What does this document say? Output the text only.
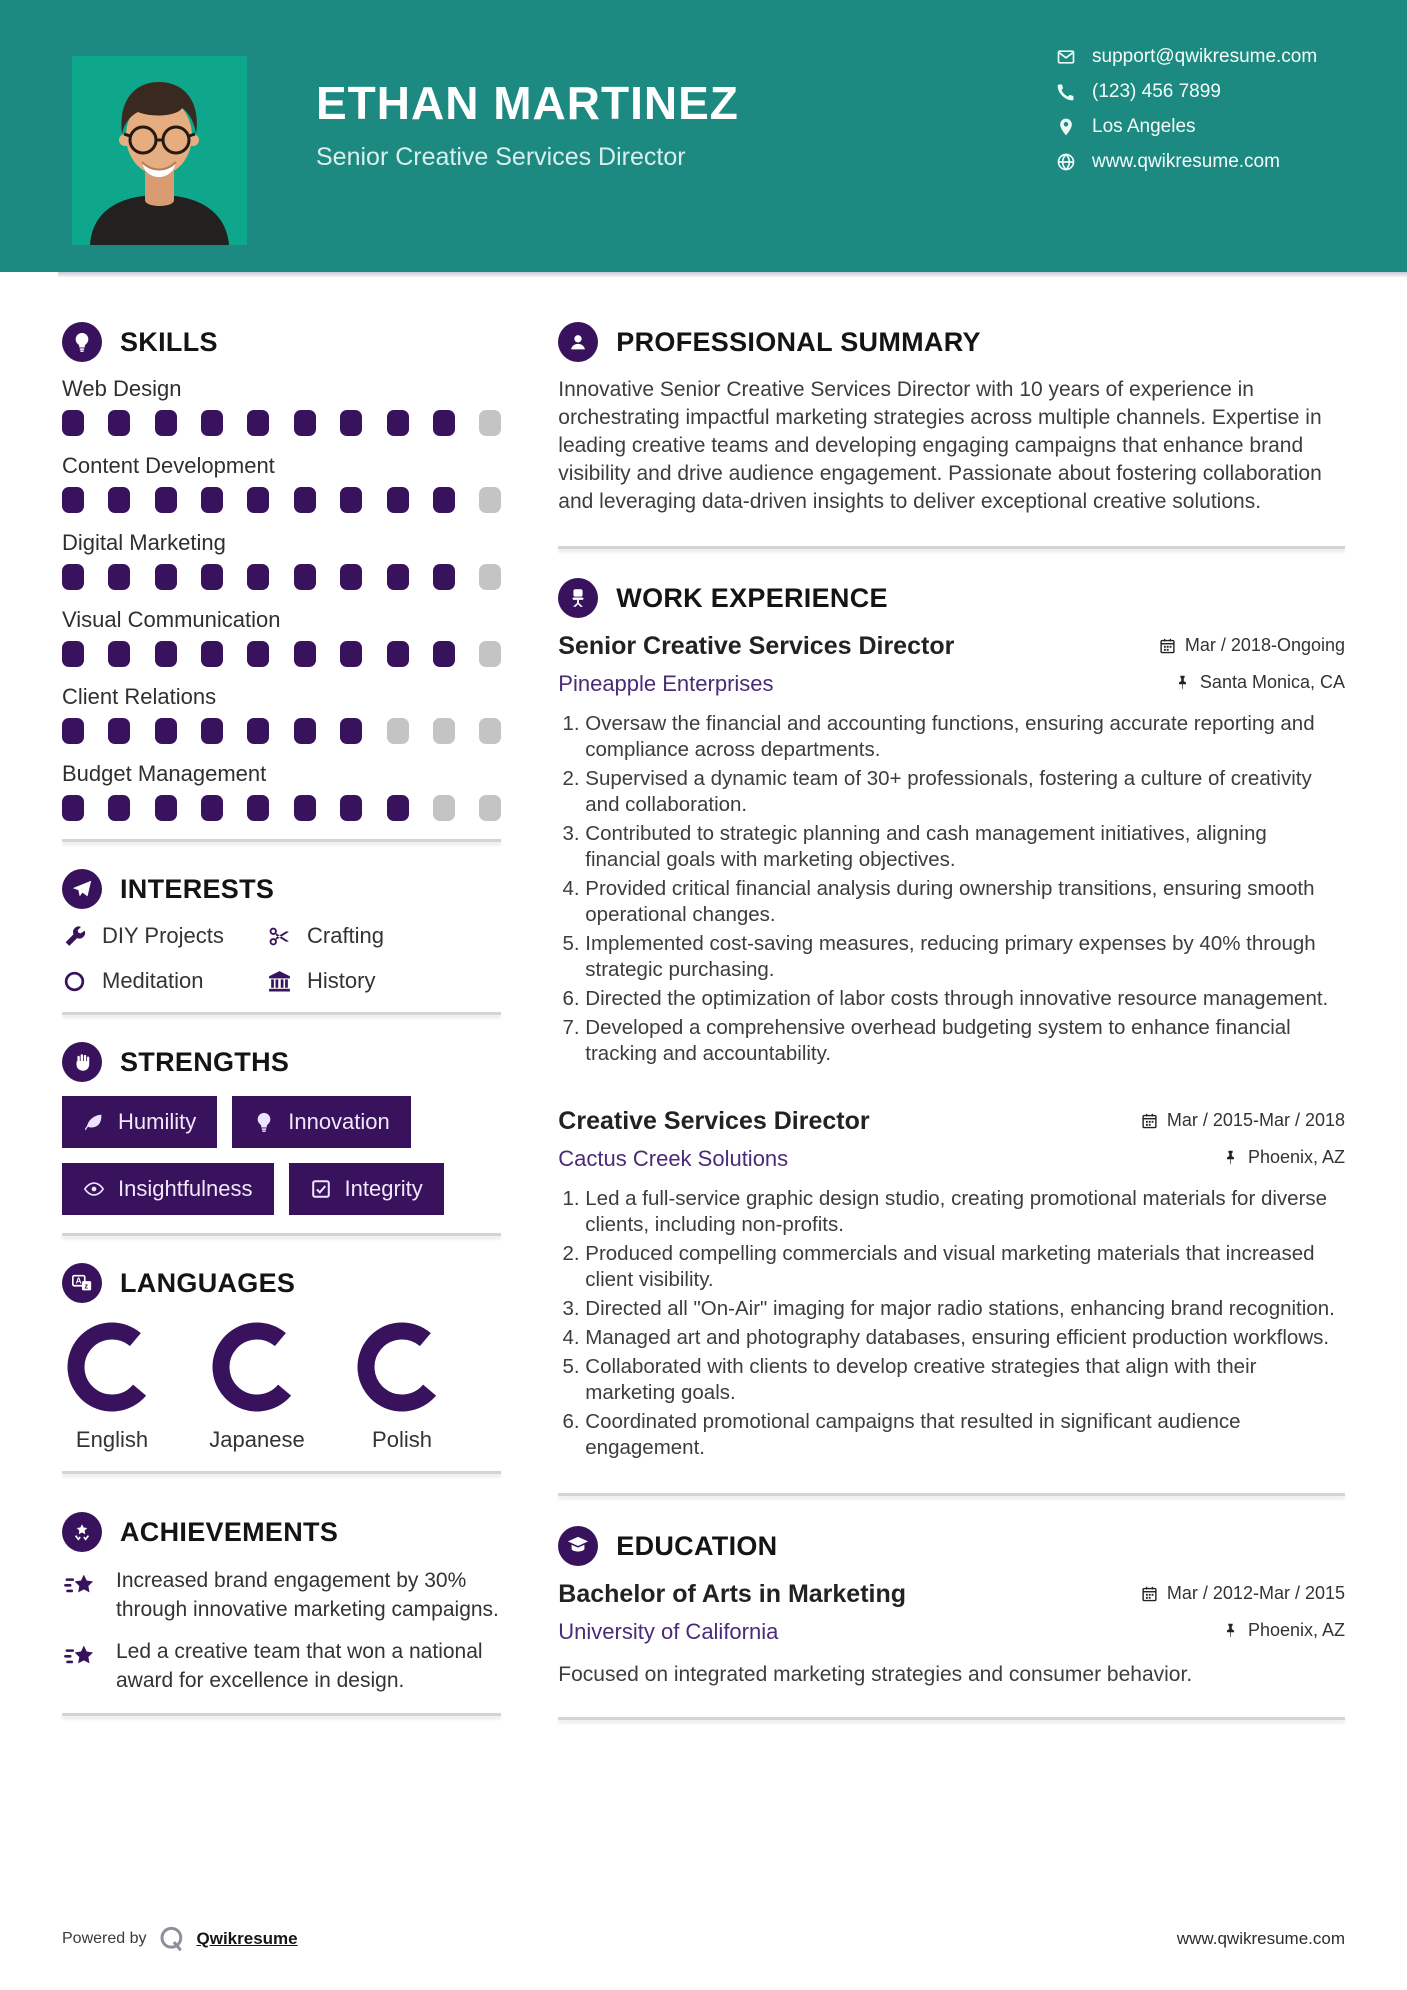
ETHAN MARTINEZ
Senior Creative Services Director
support@qwikresume.com
(123) 456 7899
Los Angeles
www.qwikresume.com
SKILLS
Web Design
Content Development
Digital Marketing
Visual Communication
Client Relations
Budget Management
INTERESTS
DIY Projects	Crafting
Meditation	History
STRENGTHS
Humility	Innovation
Insightfulness	Integrity
A
z LANGUAGES
English	Japanese	Polish
ACHIEVEMENTS

Increased brand engagement by 30% through innovative marketing campaigns.

Led a creative team that won a national award for excellence in design.

PROFESSIONAL SUMMARY

Innovative Senior Creative Services Director with 10 years of experience in orchestrating impactful marketing strategies across multiple channels. Expertise in leading creative teams and developing engaging campaigns that enhance brand visibility and drive audience engagement. Passionate about fostering collaboration and leveraging data-driven insights to deliver exceptional creative solutions.

WORK EXPERIENCE
Senior Creative Services Director	Mar / 2018-Ongoing
Pineapple Enterprises	Santa Monica, CA
1. Oversaw the financial and accounting functions, ensuring accurate reporting and compliance across departments.
2. Supervised a dynamic team of 30+ professionals, fostering a culture of creativity and collaboration.
3. Contributed to strategic planning and cash management initiatives, aligning financial goals with marketing objectives.
4. Provided critical financial analysis during ownership transitions, ensuring smooth operational changes.
5. Implemented cost-saving measures, reducing primary expenses by 40% through strategic purchasing.
6. Directed the optimization of labor costs through innovative resource management.
7. Developed a comprehensive overhead budgeting system to enhance financial tracking and accountability.
Creative Services Director	Mar / 2015-Mar / 2018
Cactus Creek Solutions	Phoenix, AZ
1. Led a full-service graphic design studio, creating promotional materials for diverse clients, including non-profits.
2. Produced compelling commercials and visual marketing materials that increased client visibility.
3. Directed all "On-Air" imaging for major radio stations, enhancing brand recognition.
4. Managed art and photography databases, ensuring efficient production workflows.
5. Collaborated with clients to develop creative strategies that align with their marketing goals.
6. Coordinated promotional campaigns that resulted in significant audience engagement.
EDUCATION
Bachelor of Arts in Marketing	Mar / 2012-Mar / 2015
University of California	Phoenix, AZ

Focused on integrated marketing strategies and consumer behavior.

Powered by	Qwikresume	www.qwikresume.com
